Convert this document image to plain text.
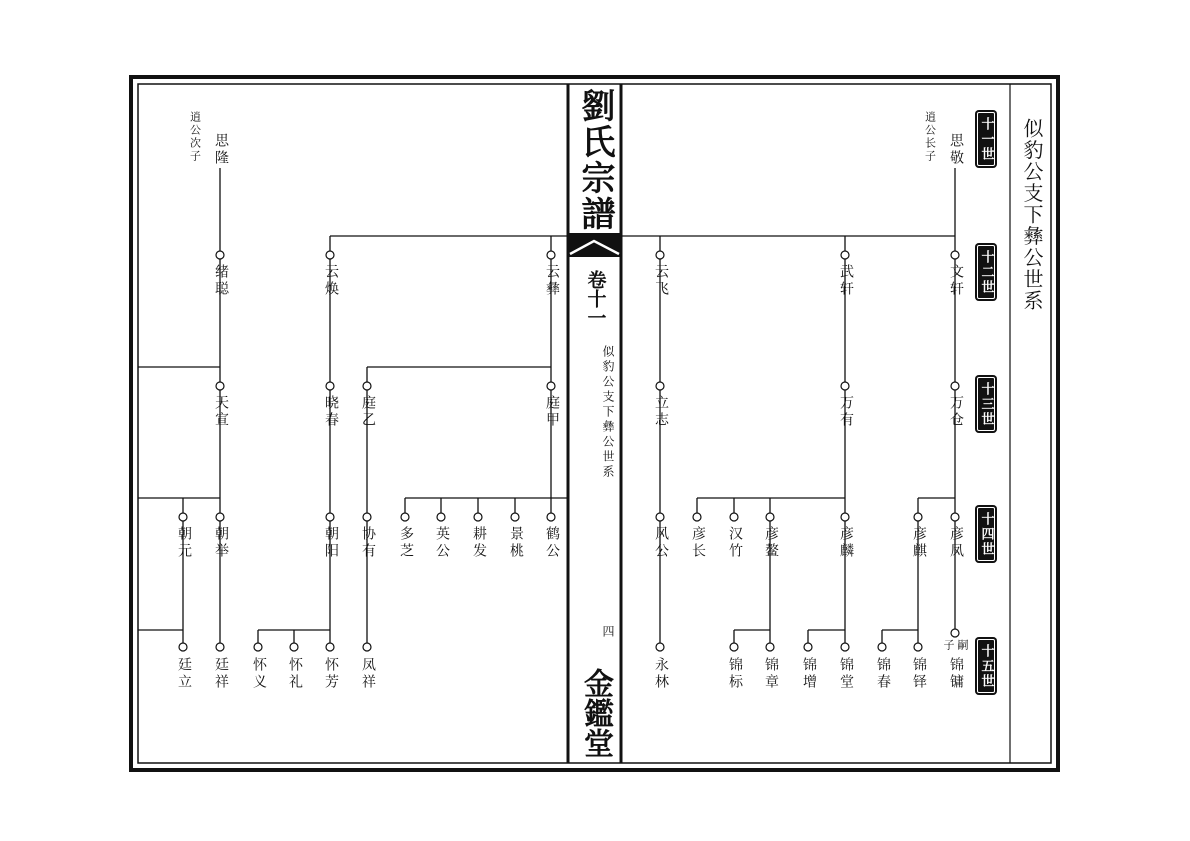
似豹公支下彝公世系
十一世
十二世
十三世
十四世
十五世
劉氏宗譜
卷十一
似豹公支下彝公世系
四
金鑑堂
思敬
逍公长子
文轩
武轩
云飞
万仓
万有
立志
彦凤
彦麒
彦麟
彦鳌
汉竹
彦长
风公
嗣子
锦镛
锦铎
锦春
锦堂
锦增
锦章
锦标
永林
思隆
逍公次子
绪聪	云焕	云彝
天宣	晓春 庭乙	庭甲
朝元 朝举	朝阳 协有 多芝 英公 耕发 景桃 鹤公
廷立 廷祥 怀义 怀礼 怀芳 凤祥
